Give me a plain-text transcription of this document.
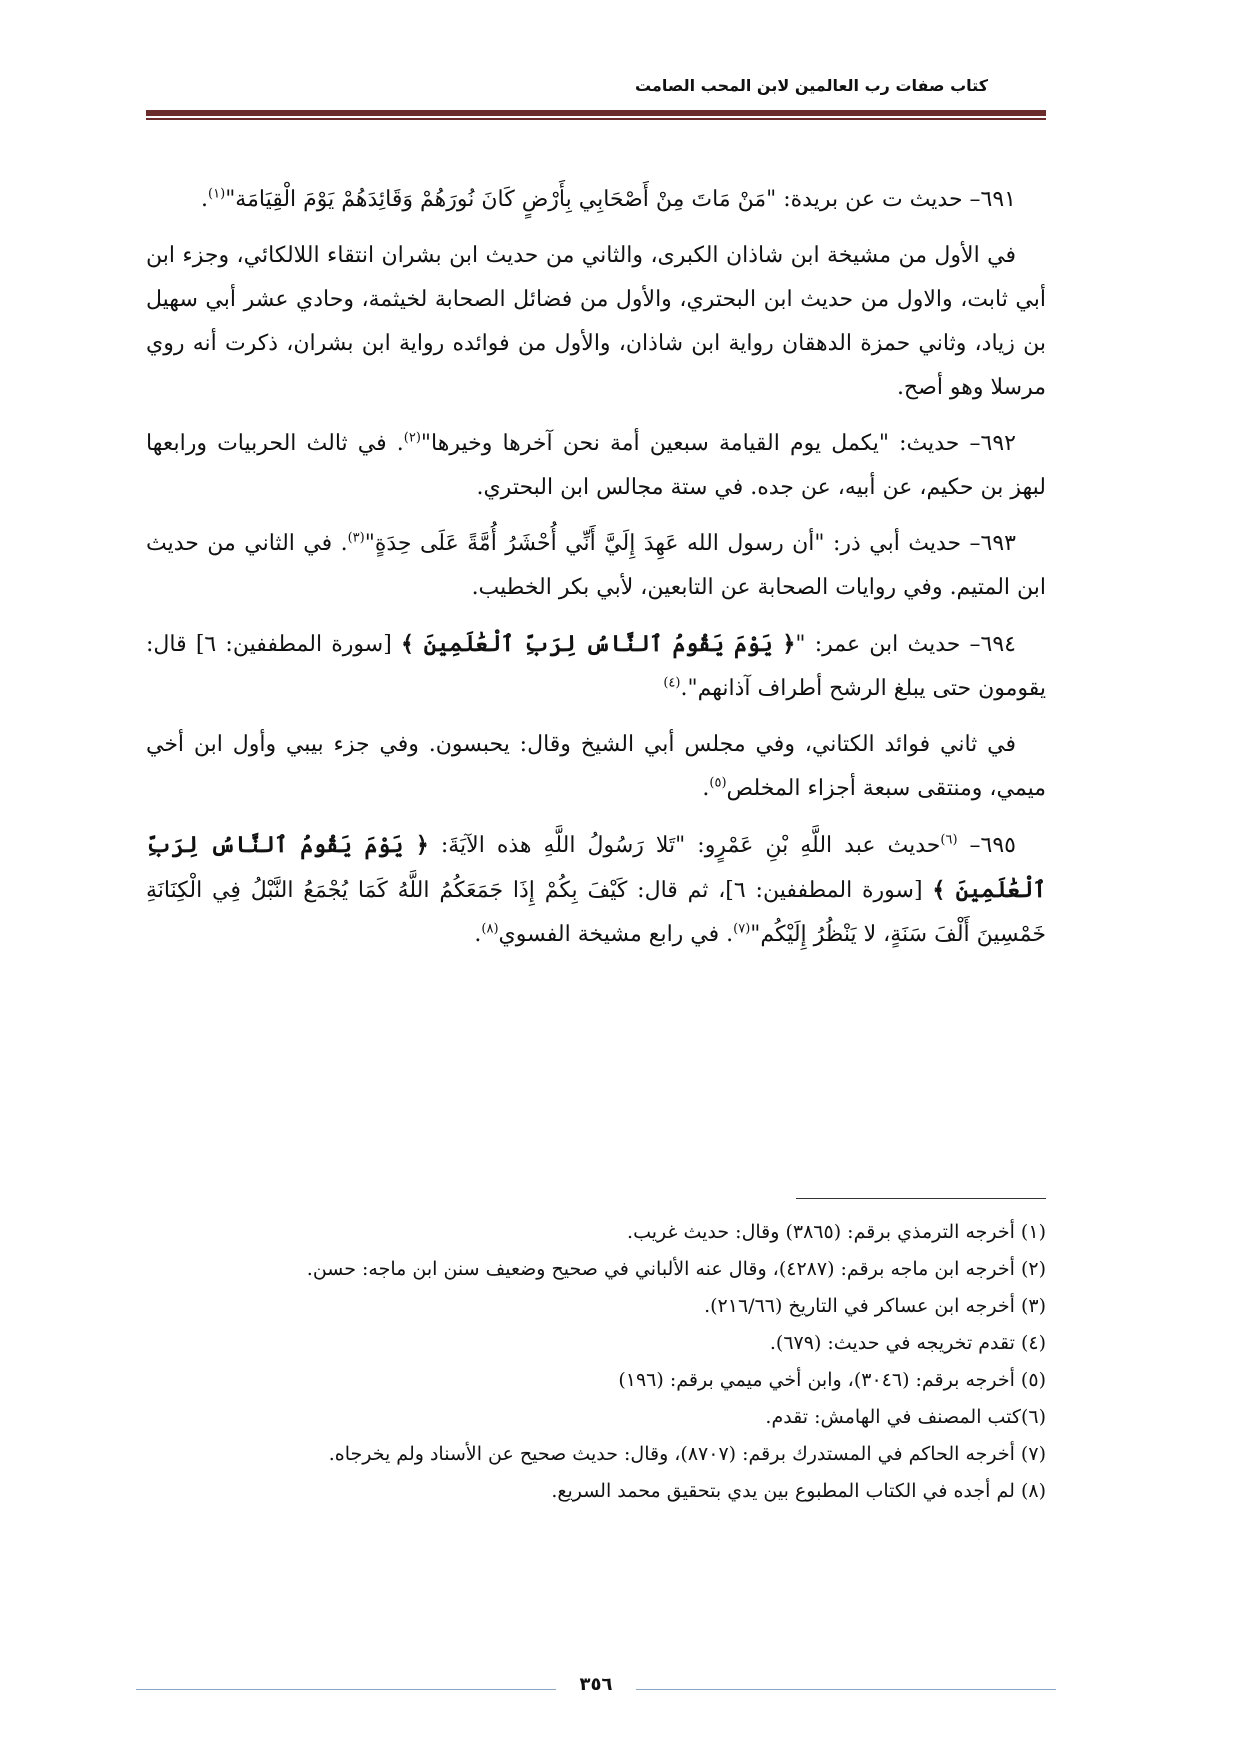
كتاب صفات رب العالمين لابن المحب الصامت

٦٩١– حديث ت عن بريدة: "مَنْ مَاتَ مِنْ أَصْحَابِي بِأَرْضٍ كَانَ نُورَهُمْ وَقَائِدَهُمْ يَوْمَ الْقِيَامَة"$^{(١)}$.

في الأول من مشيخة ابن شاذان الكبرى، والثاني من حديث ابن بشران انتقاء اللالكائي، وجزء ابن أبي ثابت، والاول من حديث ابن البحتري، والأول من فضائل الصحابة لخيثمة، وحادي عشر أبي سهيل بن زياد، وثاني حمزة الدهقان رواية ابن شاذان، والأول من فوائده رواية ابن بشران، ذكرت أنه روي مرسلا وهو أصح.

٦٩٢– حديث: "يكمل يوم القيامة سبعين أمة نحن آخرها وخيرها"$^{(٢)}$. في ثالث الحربيات ورابعها لبهز بن حكيم، عن أبيه، عن جده. في ستة مجالس ابن البحتري.

٦٩٣– حديث أبي ذر: "أن رسول الله عَهِدَ إِلَيَّ أَنِّي أُحْشَرُ أُمَّةً عَلَى حِدَةٍ"$^{(٣)}$. في الثاني من حديث ابن المتيم. وفي روايات الصحابة عن التابعين، لأبي بكر الخطيب.

٦٩٤– حديث ابن عمر: "﴿ يَوْمَ يَقُومُ ٱلنَّاسُ لِرَبِّ ٱلْعَٰلَمِينَ ﴾ [سورة المطففين: ٦] قال: يقومون حتى يبلغ الرشح أطراف آذانهم".$^{(٤)}$

في ثاني فوائد الكتاني، وفي مجلس أبي الشيخ وقال: يحبسون. وفي جزء بيبي وأول ابن أخي ميمي، ومنتقى سبعة أجزاء المخلص$^{(٥)}$.

٦٩٥– $^{(٦)}$حديث عبد اللَّهِ بْنِ عَمْرٍو: "تَلا رَسُولُ اللَّهِ هذه الآيَةَ: ﴿ يَوْمَ يَقُومُ ٱلنَّاسُ لِرَبِّ ٱلْعَٰلَمِينَ ﴾ [سورة المطففين: ٦]، ثم قال: كَيْفَ بِكُمْ إِذَا جَمَعَكُمُ اللَّهُ كَمَا يُجْمَعُ النَّبْلُ فِي الْكِنَانَةِ خَمْسِينَ أَلْفَ سَنَةٍ، لا يَنْظُرُ إِلَيْكُم"$^{(٧)}$. في رابع مشيخة الفسوي$^{(٨)}$.

(١) أخرجه الترمذي برقم: (٣٨٦٥) وقال: حديث غريب.
(٢) أخرجه ابن ماجه برقم: (٤٢٨٧)، وقال عنه الألباني في صحيح وضعيف سنن ابن ماجه: حسن.
(٣) أخرجه ابن عساكر في التاريخ (٢١٦/٦٦).
(٤) تقدم تخريجه في حديث: (٦٧٩).
(٥) أخرجه برقم: (٣٠٤٦)، وابن أخي ميمي برقم: (١٩٦)
(٦)كتب المصنف في الهامش: تقدم.
(٧) أخرجه الحاكم في المستدرك برقم: (٨٧٠٧)، وقال: حديث صحيح عن الأسناد ولم يخرجاه.
(٨) لم أجده في الكتاب المطبوع بين يدي بتحقيق محمد السريع.
٣٥٦
